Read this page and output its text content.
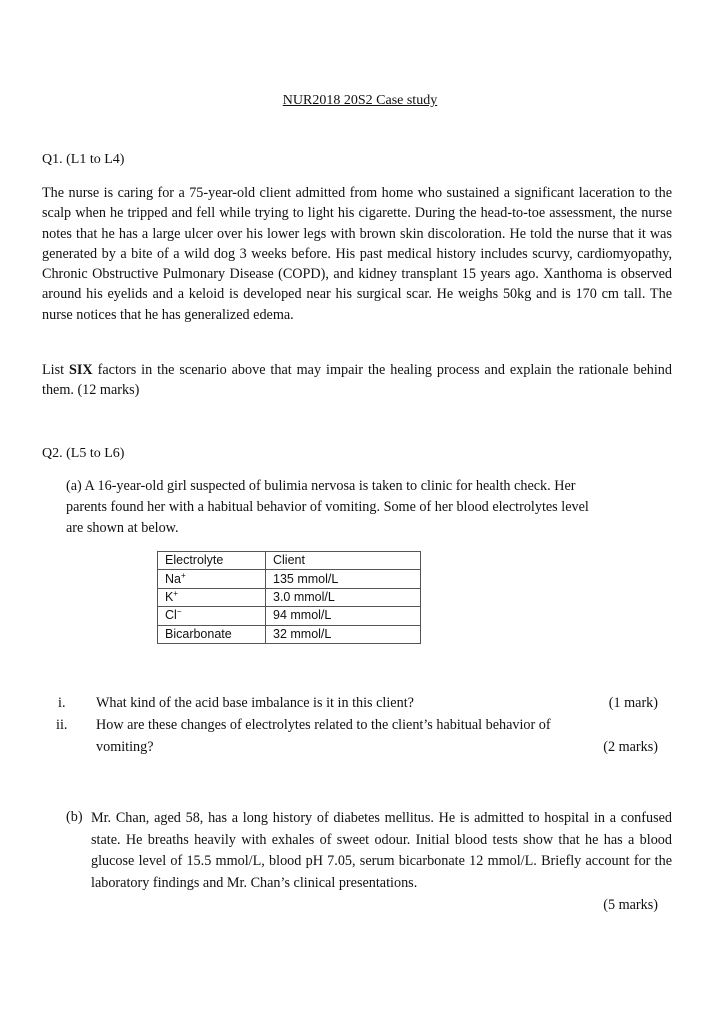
NUR2018 20S2 Case study
Q1. (L1 to L4)

The nurse is caring for a 75-year-old client admitted from home who sustained a significant laceration to the scalp when he tripped and fell while trying to light his cigarette. During the head-to-toe assessment, the nurse notes that he has a large ulcer over his lower legs with brown skin discoloration. He told the nurse that it was generated by a bite of a wild dog 3 weeks before. His past medical history includes scurvy, cardiomyopathy, Chronic Obstructive Pulmonary Disease (COPD), and kidney transplant 15 years ago. Xanthoma is observed around his eyelids and a keloid is developed near his surgical scar. He weighs 50kg and is 170 cm tall. The nurse notices that he has generalized edema.

List SIX factors in the scenario above that may impair the healing process and explain the rationale behind them. (12 marks)

Q2. (L5 to L6)
(a) A 16-year-old girl suspected of bulimia nervosa is taken to clinic for health check. Her
parents found her with a habitual behavior of vomiting. Some of her blood electrolytes level
are shown at below.
Electrolyte	Client
Na+	135 mmol/L
K+	3.0 mmol/L
Cl−	94 mmol/L
Bicarbonate	32 mmol/L
i. What kind of the acid base imbalance is it in this client?	(1 mark)
ii. How are these changes of electrolytes related to the client’s habitual behavior of
vomiting?	(2 marks)
(b) Mr. Chan, aged 58, has a long history of diabetes mellitus. He is admitted to hospital in a confused state. He breaths heavily with exhales of sweet odour. Initial blood tests show that he has a blood glucose level of 15.5 mmol/L, blood pH 7.05, serum bicarbonate 12 mmol/L. Briefly account for the laboratory findings and Mr. Chan’s clinical presentations.

(5 marks)
